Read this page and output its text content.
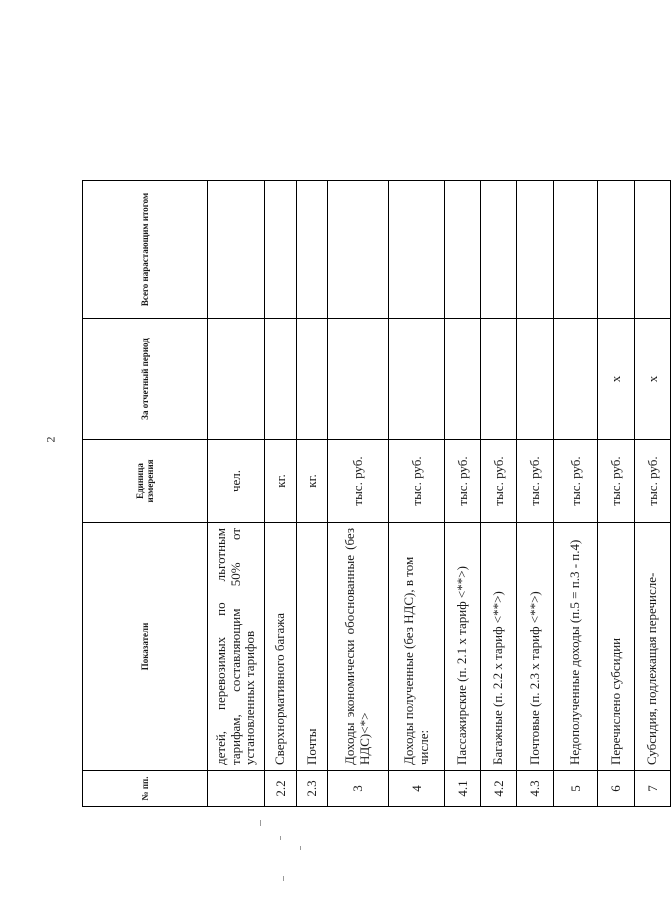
2
№ пп.	Показатели	Единица измерения	За отчетный период	Всего нарастающим итогом
	детей, перевозимых по льготным тарифам, составляющим 50% от установленных тарифов	чел.		
2.2	Сверхнормативного багажа	кг.		
2.3	Почты	кг.		
3	Доходы экономически обоснованные (без НДС)<*>	тыс. руб.		
4	Доходы полученные (без НДС), в том числе:	тыс. руб.		
4.1	Пассажирские (п. 2.1 х тариф <**>)	тыс. руб.		
4.2	Багажные (п. 2.2 х тариф <**>)	тыс. руб.		
4.3	Почтовые (п. 2.3 х тариф <**>)	тыс. руб.		
5	Недополученные доходы (п.5 = п.3 - п.4)	тыс. руб.		
6	Перечислено субсидии	тыс. руб.	х	
7	Субсидия, подлежащая перечисле-	тыс. руб.	х	
